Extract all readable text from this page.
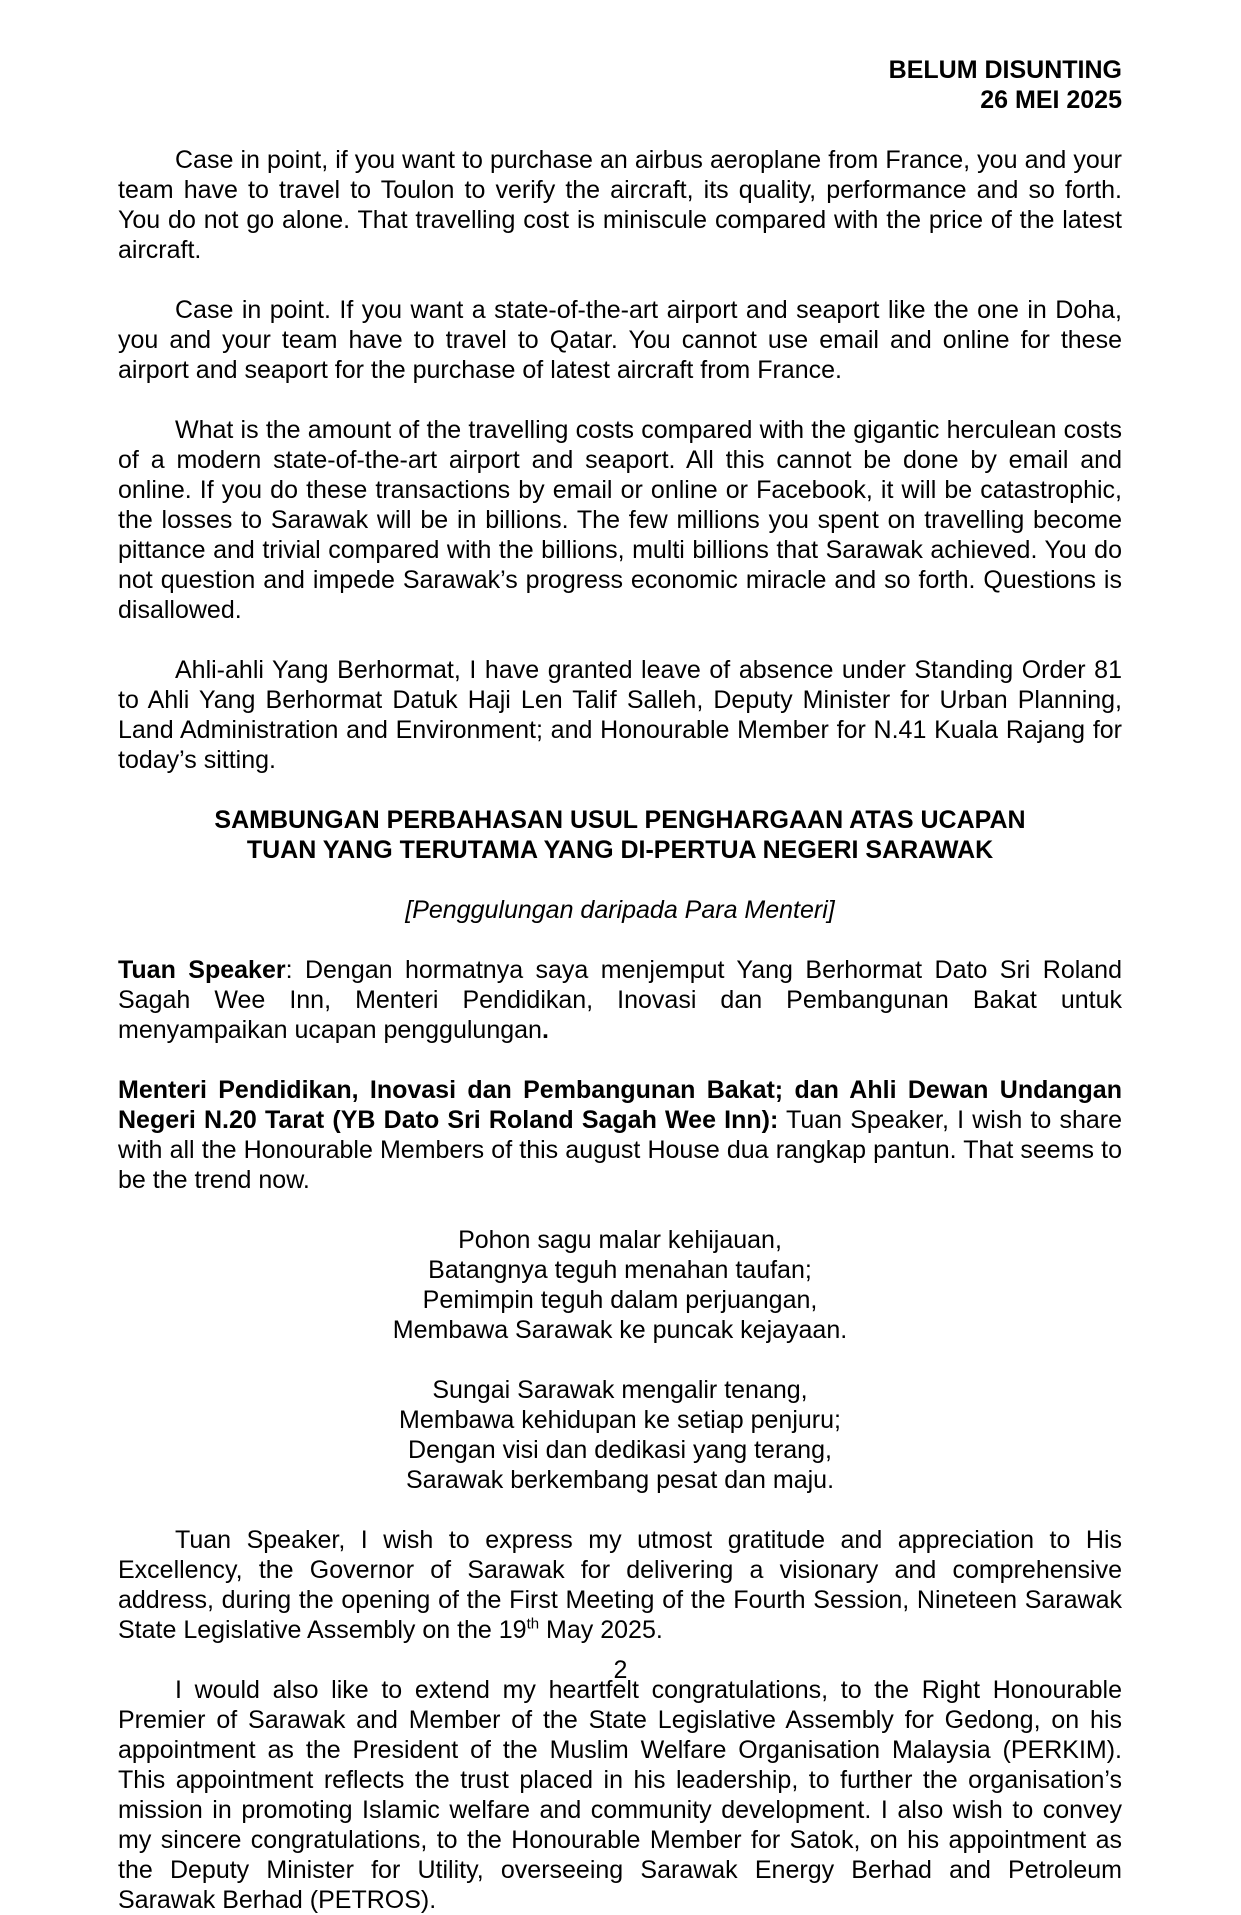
BELUM DISUNTING
26 MEI 2025

Case in point, if you want to purchase an airbus aeroplane from France, you and your team have to travel to Toulon to verify the aircraft, its quality, performance and so forth. You do not go alone. That travelling cost is miniscule compared with the price of the latest aircraft.

Case in point. If you want a state-of-the-art airport and seaport like the one in Doha, you and your team have to travel to Qatar. You cannot use email and online for these airport and seaport for the purchase of latest aircraft from France.

What is the amount of the travelling costs compared with the gigantic herculean costs of a modern state-of-the-art airport and seaport. All this cannot be done by email and online. If you do these transactions by email or online or Facebook, it will be catastrophic, the losses to Sarawak will be in billions. The few millions you spent on travelling become pittance and trivial compared with the billions, multi billions that Sarawak achieved. You do not question and impede Sarawak’s progress economic miracle and so forth. Questions is disallowed.

Ahli-ahli Yang Berhormat, I have granted leave of absence under Standing Order 81 to Ahli Yang Berhormat Datuk Haji Len Talif Salleh, Deputy Minister for Urban Planning, Land Administration and Environment; and Honourable Member for N.41 Kuala Rajang for today’s sitting.

SAMBUNGAN PERBAHASAN USUL PENGHARGAAN ATAS UCAPAN
TUAN YANG TERUTAMA YANG DI-PERTUA NEGERI SARAWAK

[Penggulungan daripada Para Menteri]

Tuan Speaker: Dengan hormatnya saya menjemput Yang Berhormat Dato Sri Roland Sagah Wee Inn, Menteri Pendidikan, Inovasi dan Pembangunan Bakat untuk menyampaikan ucapan penggulungan.

Menteri Pendidikan, Inovasi dan Pembangunan Bakat; dan Ahli Dewan Undangan Negeri N.20 Tarat (YB Dato Sri Roland Sagah Wee Inn): Tuan Speaker, I wish to share with all the Honourable Members of this august House dua rangkap pantun. That seems to be the trend now.

Pohon sagu malar kehijauan,
Batangnya teguh menahan taufan;
Pemimpin teguh dalam perjuangan,
Membawa Sarawak ke puncak kejayaan.

Sungai Sarawak mengalir tenang,
Membawa kehidupan ke setiap penjuru;
Dengan visi dan dedikasi yang terang,
Sarawak berkembang pesat dan maju.

Tuan Speaker, I wish to express my utmost gratitude and appreciation to His Excellency, the Governor of Sarawak for delivering a visionary and comprehensive address, during the opening of the First Meeting of the Fourth Session, Nineteen Sarawak State Legislative Assembly on the 19th May 2025.

I would also like to extend my heartfelt congratulations, to the Right Honourable Premier of Sarawak and Member of the State Legislative Assembly for Gedong, on his appointment as the President of the Muslim Welfare Organisation Malaysia (PERKIM). This appointment reflects the trust placed in his leadership, to further the organisation’s mission in promoting Islamic welfare and community development. I also wish to convey my sincere congratulations, to the Honourable Member for Satok, on his appointment as the Deputy Minister for Utility, overseeing Sarawak Energy Berhad and Petroleum Sarawak Berhad (PETROS).

2
